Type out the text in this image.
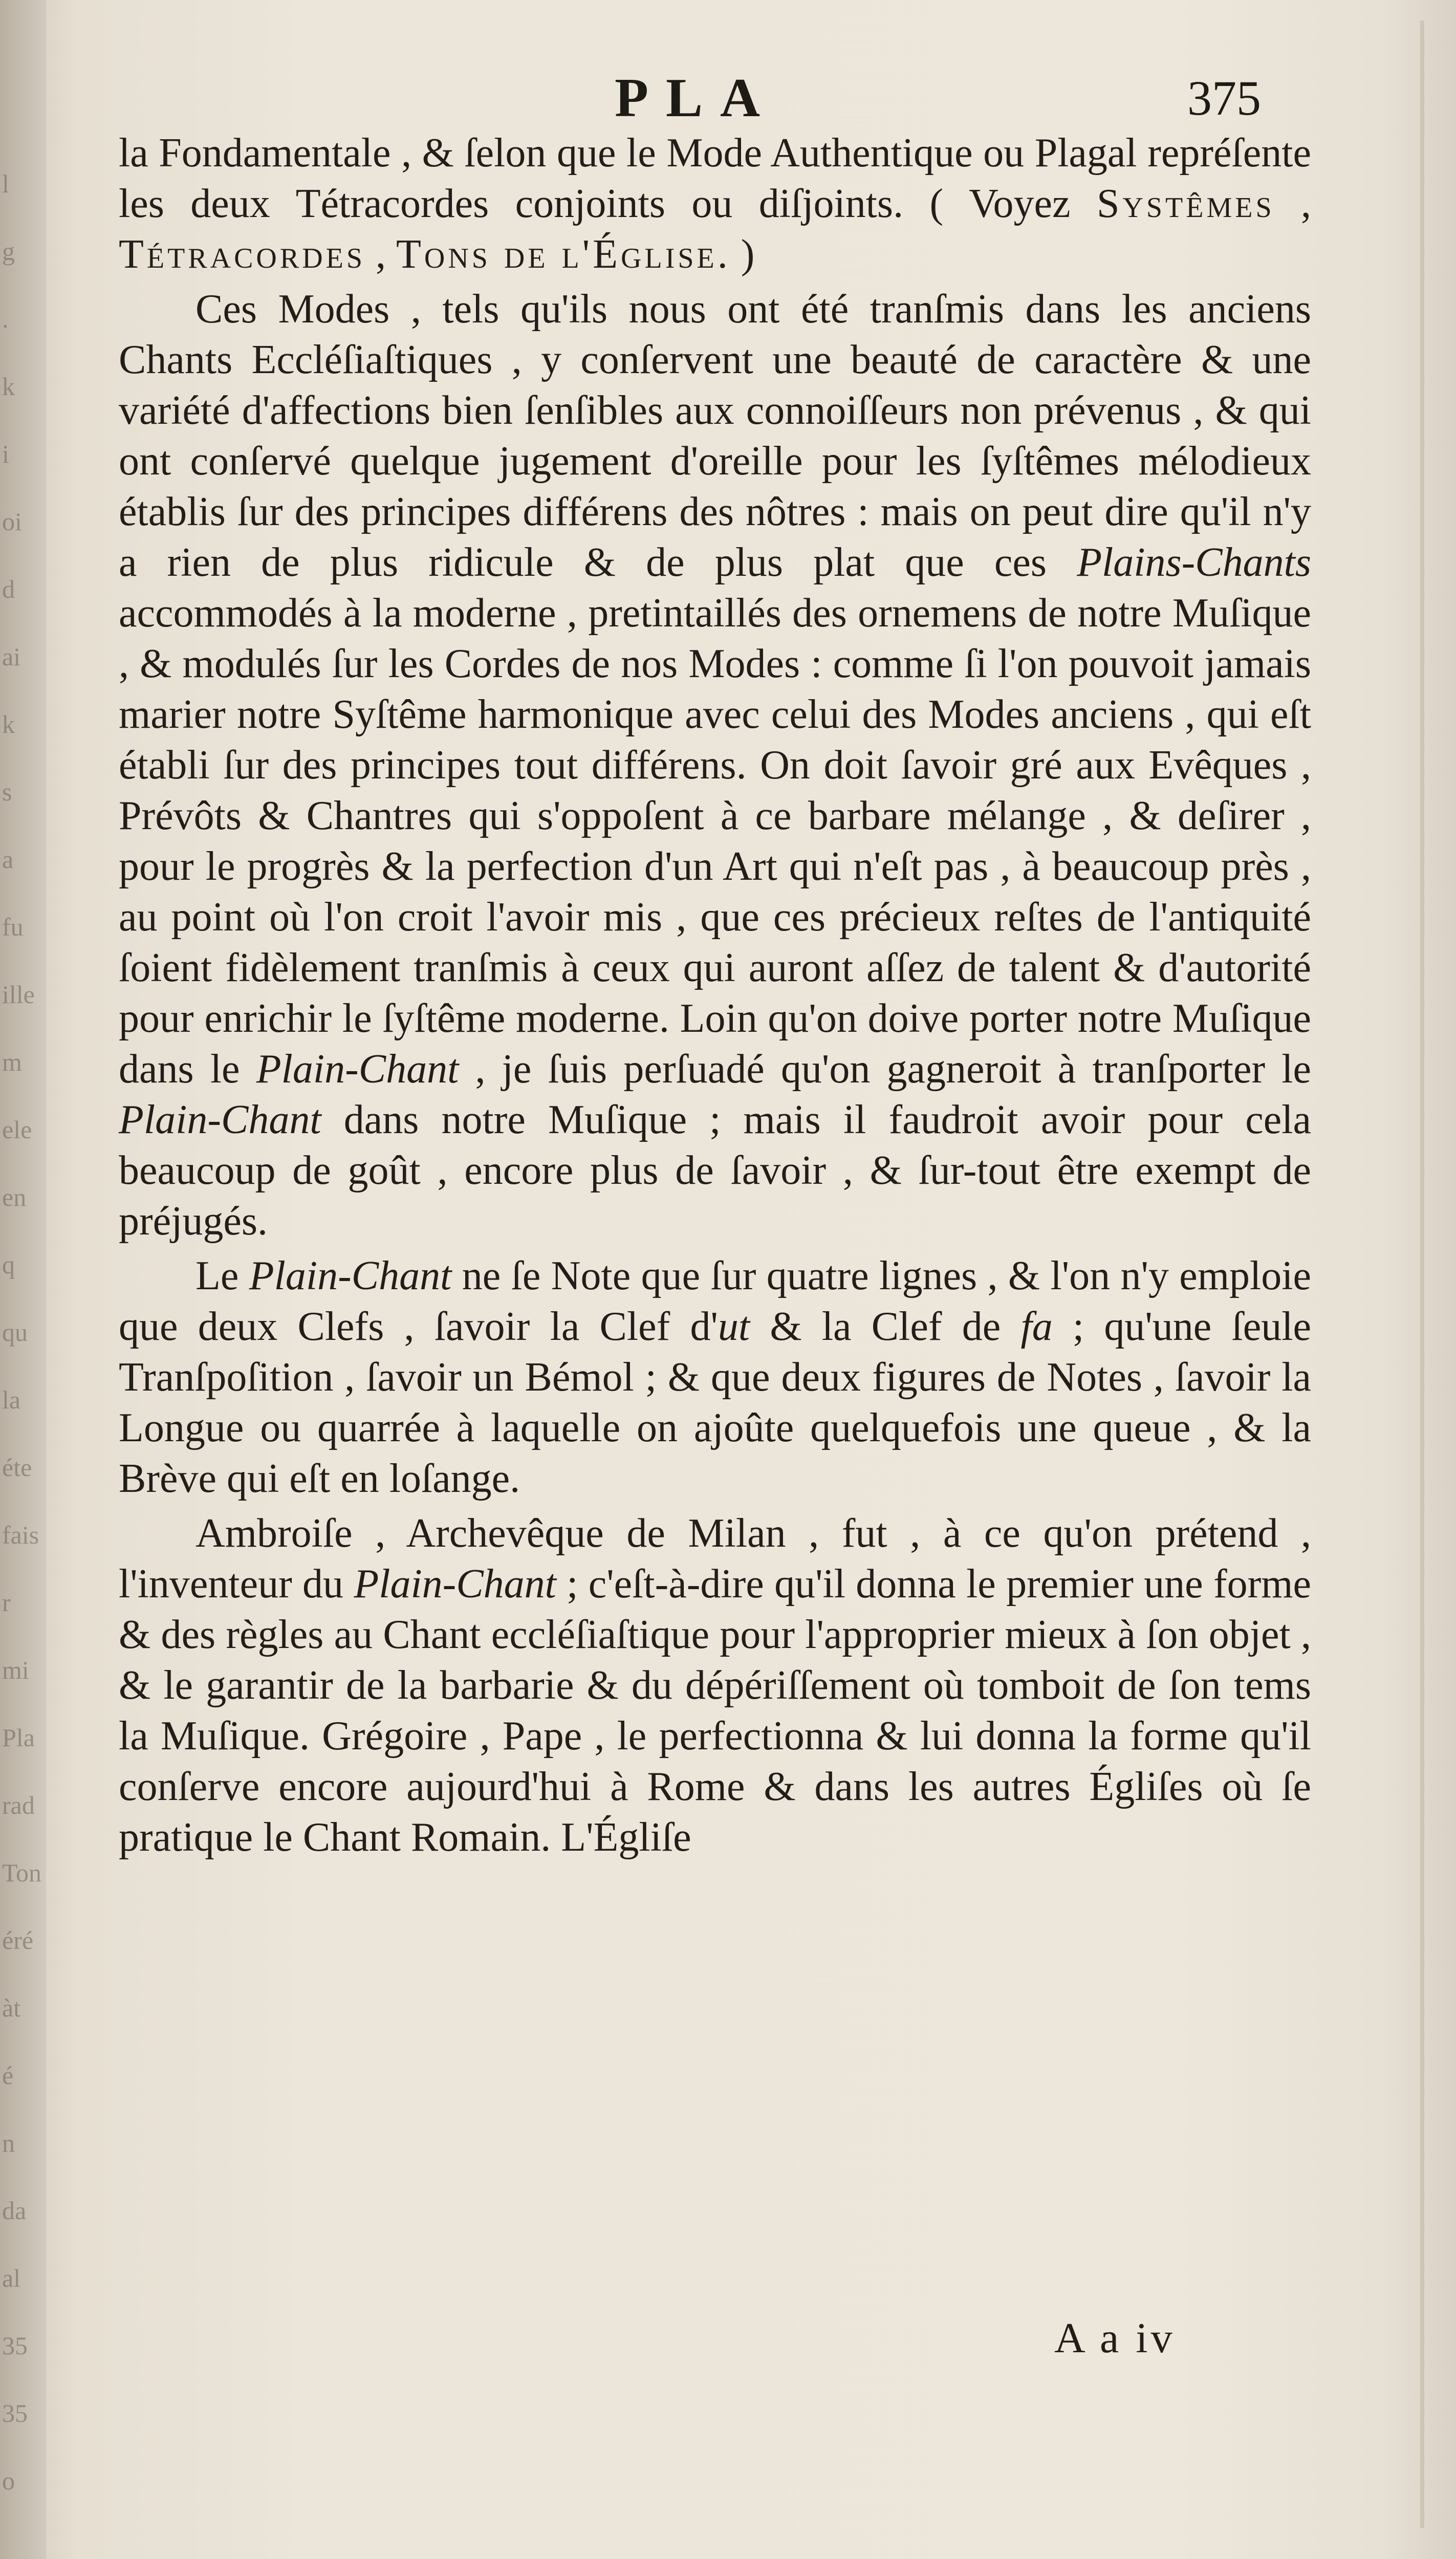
l
g
.
k
i
oi
d
ai
k
s
a
fu
ille
m
ele
en
q
qu
la
éte
fais
r
mi
Pla
rad
Ton
éré
àt
é
n
da
al
35
35
o
PLA	375

la Fondamentale , & ſelon que le Mode Authentique ou Plagal repréſente les deux Tétracordes conjoints ou diſjoints. ( Voyez Systêmes , Tétracordes , Tons de l'Église. )

Ces Modes , tels qu'ils nous ont été tranſmis dans les anciens Chants Eccléſiaſtiques , y conſervent une beauté de caractère & une variété d'affections bien ſenſibles aux connoiſſeurs non prévenus , & qui ont conſervé quelque jugement d'oreille pour les ſyſtêmes mélodieux établis ſur des principes différens des nôtres : mais on peut dire qu'il n'y a rien de plus ridicule & de plus plat que ces Plains-Chants accommodés à la moderne , pretintaillés des ornemens de notre Muſique , & modulés ſur les Cordes de nos Modes : comme ſi l'on pouvoit jamais marier notre Syſtême harmonique avec celui des Modes anciens , qui eſt établi ſur des principes tout différens. On doit ſavoir gré aux Evêques , Prévôts & Chantres qui s'oppoſent à ce barbare mélange , & deſirer , pour le progrès & la perfection d'un Art qui n'eſt pas , à beaucoup près , au point où l'on croit l'avoir mis , que ces précieux reſtes de l'antiquité ſoient fidèlement tranſmis à ceux qui auront aſſez de talent & d'autorité pour enrichir le ſyſtême moderne. Loin qu'on doive porter notre Muſique dans le Plain-Chant , je ſuis perſuadé qu'on gagneroit à tranſporter le Plain-Chant dans notre Muſique ; mais il faudroit avoir pour cela beaucoup de goût , encore plus de ſavoir , & ſur-tout être exempt de préjugés.

Le Plain-Chant ne ſe Note que ſur quatre lignes , & l'on n'y emploie que deux Clefs , ſavoir la Clef d'ut & la Clef de fa ; qu'une ſeule Tranſpoſition , ſavoir un Bémol ; & que deux figures de Notes , ſavoir la Longue ou quarrée à laquelle on ajoûte quelquefois une queue , & la Brève qui eſt en loſange.

Ambroiſe , Archevêque de Milan , fut , à ce qu'on prétend , l'inventeur du Plain-Chant ; c'eſt-à-dire qu'il donna le premier une forme & des règles au Chant eccléſiaſtique pour l'approprier mieux à ſon objet , & le garantir de la barbarie & du dépériſſement où tomboit de ſon tems la Muſique. Grégoire , Pape , le perfectionna & lui donna la forme qu'il conſerve encore aujourd'hui à Rome & dans les autres Égliſes où ſe pratique le Chant Romain. L'Égliſe

A a iv
